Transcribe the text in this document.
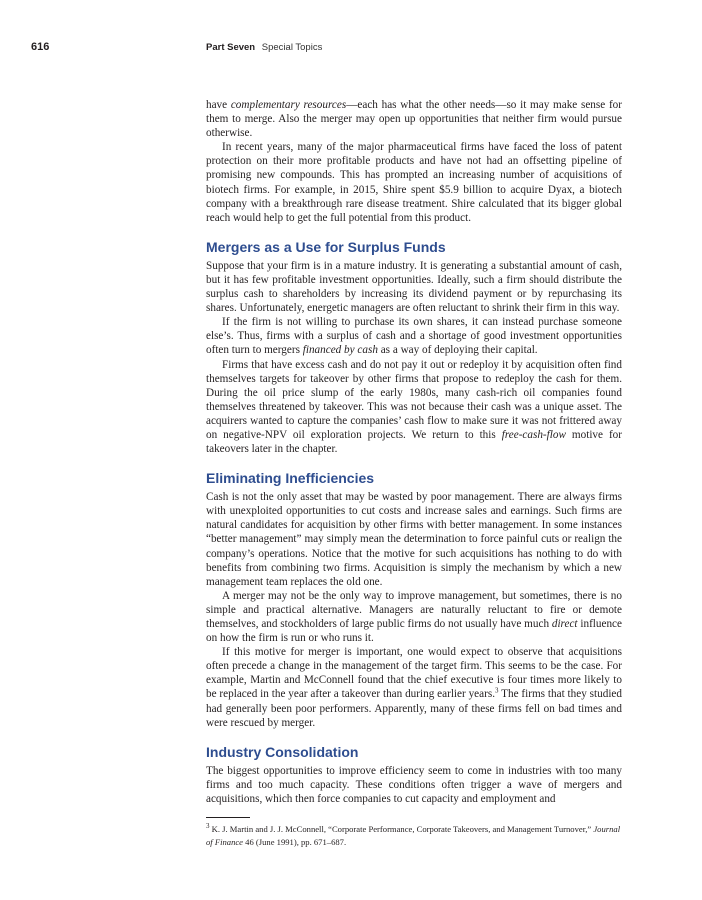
616	Part Seven Special Topics

have complementary resources—each has what the other needs—so it may make sense for them to merge. Also the merger may open up opportunities that neither firm would pursue otherwise.

In recent years, many of the major pharmaceutical firms have faced the loss of patent protection on their more profitable products and have not had an offsetting pipeline of promising new compounds. This has prompted an increasing number of acquisitions of biotech firms. For example, in 2015, Shire spent $5.9 billion to acquire Dyax, a biotech company with a breakthrough rare disease treatment. Shire calculated that its bigger global reach would help to get the full potential from this product.

Mergers as a Use for Surplus Funds

Suppose that your firm is in a mature industry. It is generating a substantial amount of cash, but it has few profitable investment opportunities. Ideally, such a firm should distribute the surplus cash to shareholders by increasing its dividend payment or by repurchasing its shares. Unfortunately, energetic managers are often reluctant to shrink their firm in this way.

If the firm is not willing to purchase its own shares, it can instead purchase someone else’s. Thus, firms with a surplus of cash and a shortage of good investment opportunities often turn to mergers financed by cash as a way of deploying their capital.

Firms that have excess cash and do not pay it out or redeploy it by acquisition often find themselves targets for takeover by other firms that propose to redeploy the cash for them. During the oil price slump of the early 1980s, many cash-rich oil companies found themselves threatened by takeover. This was not because their cash was a unique asset. The acquirers wanted to capture the companies’ cash flow to make sure it was not frittered away on negative-NPV oil exploration projects. We return to this free-cash-flow motive for takeovers later in the chapter.

Eliminating Inefficiencies

Cash is not the only asset that may be wasted by poor management. There are always firms with unexploited opportunities to cut costs and increase sales and earnings. Such firms are natural candidates for acquisition by other firms with better management. In some instances “better management” may simply mean the determination to force painful cuts or realign the company’s operations. Notice that the motive for such acquisitions has nothing to do with benefits from combining two firms. Acquisition is simply the mechanism by which a new management team replaces the old one.

A merger may not be the only way to improve management, but sometimes, there is no simple and practical alternative. Managers are naturally reluctant to fire or demote themselves, and stockholders of large public firms do not usually have much direct influence on how the firm is run or who runs it.

If this motive for merger is important, one would expect to observe that acquisitions often precede a change in the management of the target firm. This seems to be the case. For example, Martin and McConnell found that the chief executive is four times more likely to be replaced in the year after a takeover than during earlier years.$^3$ The firms that they studied had generally been poor performers. Apparently, many of these firms fell on bad times and were rescued by merger.

Industry Consolidation

The biggest opportunities to improve efficiency seem to come in industries with too many firms and too much capacity. These conditions often trigger a wave of mergers and acquisitions, which then force companies to cut capacity and employment and

$^3$ K. J. Martin and J. J. McConnell, “Corporate Performance, Corporate Takeovers, and Management Turnover,” Journal of Finance 46 (June 1991), pp. 671–687.
